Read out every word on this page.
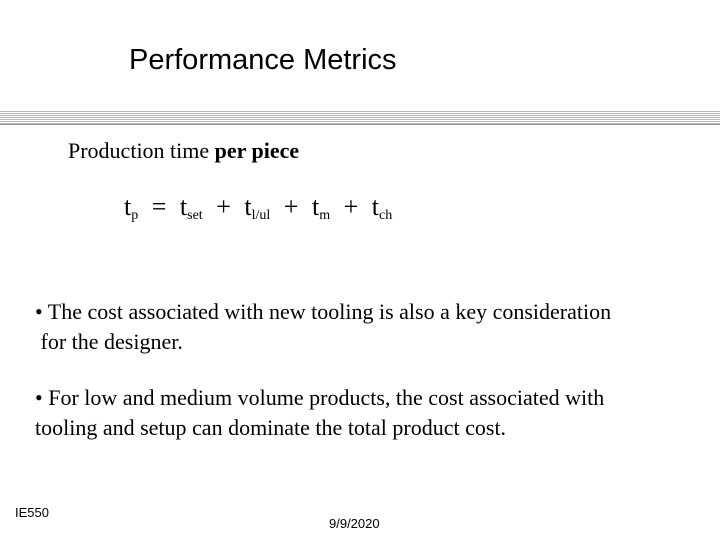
Performance Metrics
Production time per piece
$t_p = t_{set} + t_{l/ul} + t_m + t_{ch}$
• The cost associated with new tooling is also a key consideration
for the designer.
• For low and medium volume products, the cost associated with
tooling and setup can dominate the total product cost.
IE550
9/9/2020
